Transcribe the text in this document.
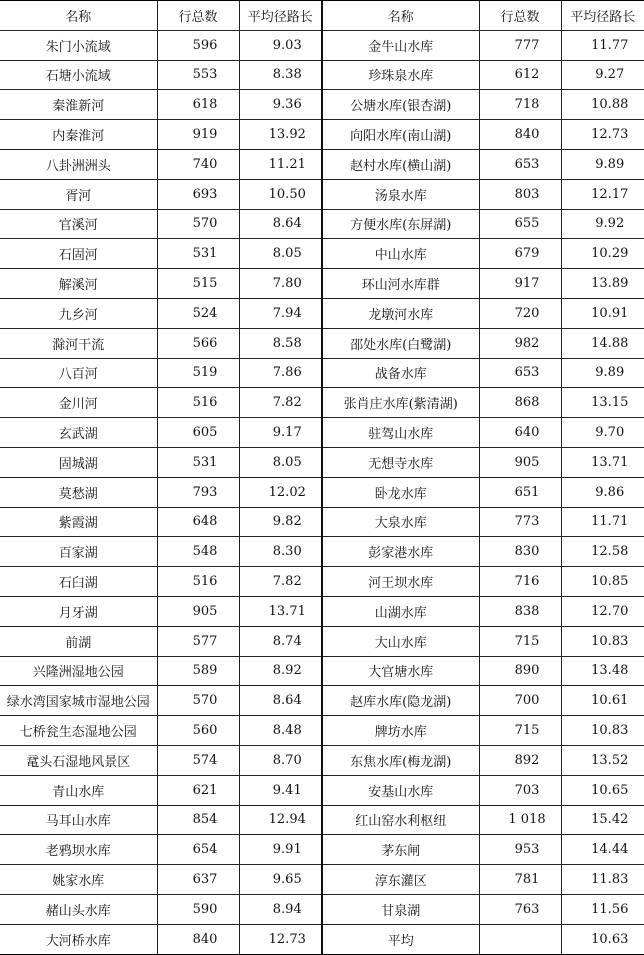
名称	行总数	平均径路长	名称	行总数	平均径路长
朱门小流域	596	9.03	金牛山水库	777	11.77
石塘小流域	553	8.38	珍珠泉水库	612	9.27
秦淮新河	618	9.36	公塘水库(银杏湖)	718	10.88
内秦淮河	919	13.92	向阳水库(南山湖)	840	12.73
八卦洲洲头	740	11.21	赵村水库(横山湖)	653	9.89
胥河	693	10.50	汤泉水库	803	12.17
官溪河	570	8.64	方便水库(东屏湖)	655	9.92
石固河	531	8.05	中山水库	679	10.29
解溪河	515	7.80	环山河水库群	917	13.89
九乡河	524	7.94	龙墩河水库	720	10.91
滁河干流	566	8.58	邵处水库(白鹭湖)	982	14.88
八百河	519	7.86	战备水库	653	9.89
金川河	516	7.82	张肖庄水库(紫清湖)	868	13.15
玄武湖	605	9.17	驻驾山水库	640	9.70
固城湖	531	8.05	无想寺水库	905	13.71
莫愁湖	793	12.02	卧龙水库	651	9.86
紫霞湖	648	9.82	大泉水库	773	11.71
百家湖	548	8.30	彭家港水库	830	12.58
石臼湖	516	7.82	河王坝水库	716	10.85
月牙湖	905	13.71	山湖水库	838	12.70
前湖	577	8.74	大山水库	715	10.83
兴隆洲湿地公园	589	8.92	大官塘水库	890	13.48
绿水湾国家城市湿地公园	570	8.64	赵库水库(隐龙湖)	700	10.61
七桥瓮生态湿地公园	560	8.48	牌坊水库	715	10.83
鼋头石湿地风景区	574	8.70	东焦水库(梅龙湖)	892	13.52
青山水库	621	9.41	安基山水库	703	10.65
马耳山水库	854	12.94	红山窑水利枢纽	1 018	15.42
老鸦坝水库	654	9.91	茅东闸	953	14.44
姚家水库	637	9.65	淳东灌区	781	11.83
赭山头水库	590	8.94	甘泉湖	763	11.56
大河桥水库	840	12.73	平均		10.63
